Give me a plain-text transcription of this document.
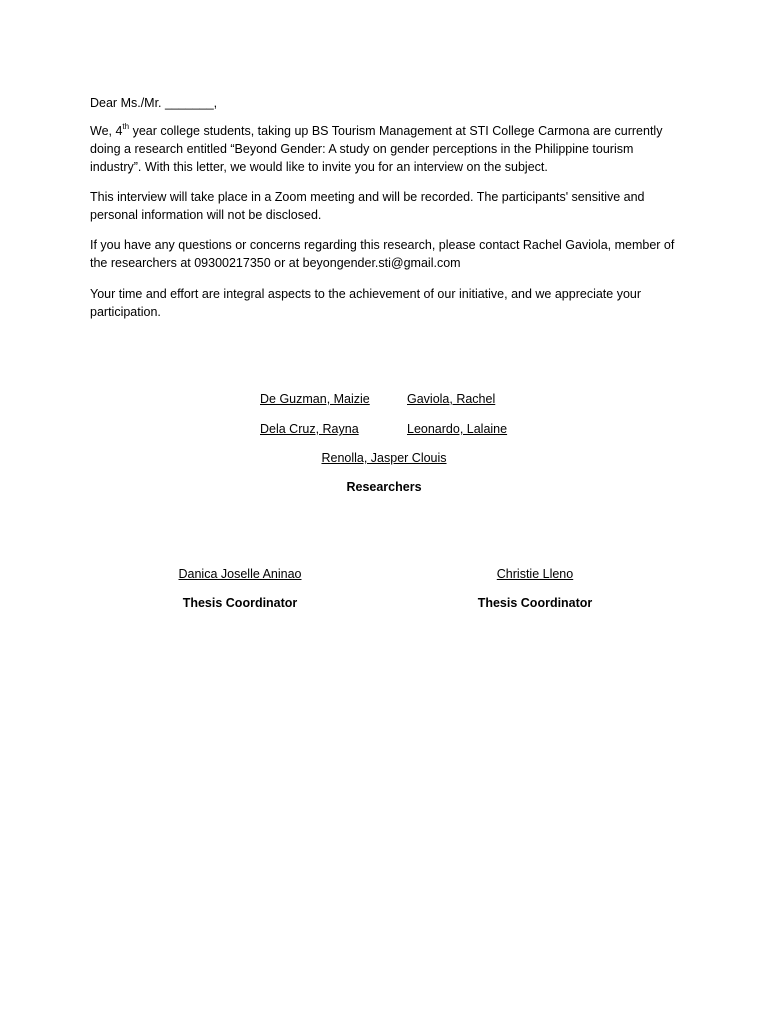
Dear Ms./Mr. _______,

We, 4th year college students, taking up BS Tourism Management at STI College Carmona are currently doing a research entitled “Beyond Gender: A study on gender perceptions in the Philippine tourism industry”. With this letter, we would like to invite you for an interview on the subject.

This interview will take place in a Zoom meeting and will be recorded. The participants' sensitive and personal information will not be disclosed.

If you have any questions or concerns regarding this research, please contact Rachel Gaviola, member of the researchers at 09300217350 or at beyongender.sti@gmail.com

Your time and effort are integral aspects to the achievement of our initiative, and we appreciate your participation.

De Guzman, Maizie	Gaviola, Rachel
Dela Cruz, Rayna	Leonardo, Lalaine
Renolla, Jasper Clouis
Researchers
Danica Joselle Aninao
Thesis Coordinator
Christie Lleno
Thesis Coordinator
